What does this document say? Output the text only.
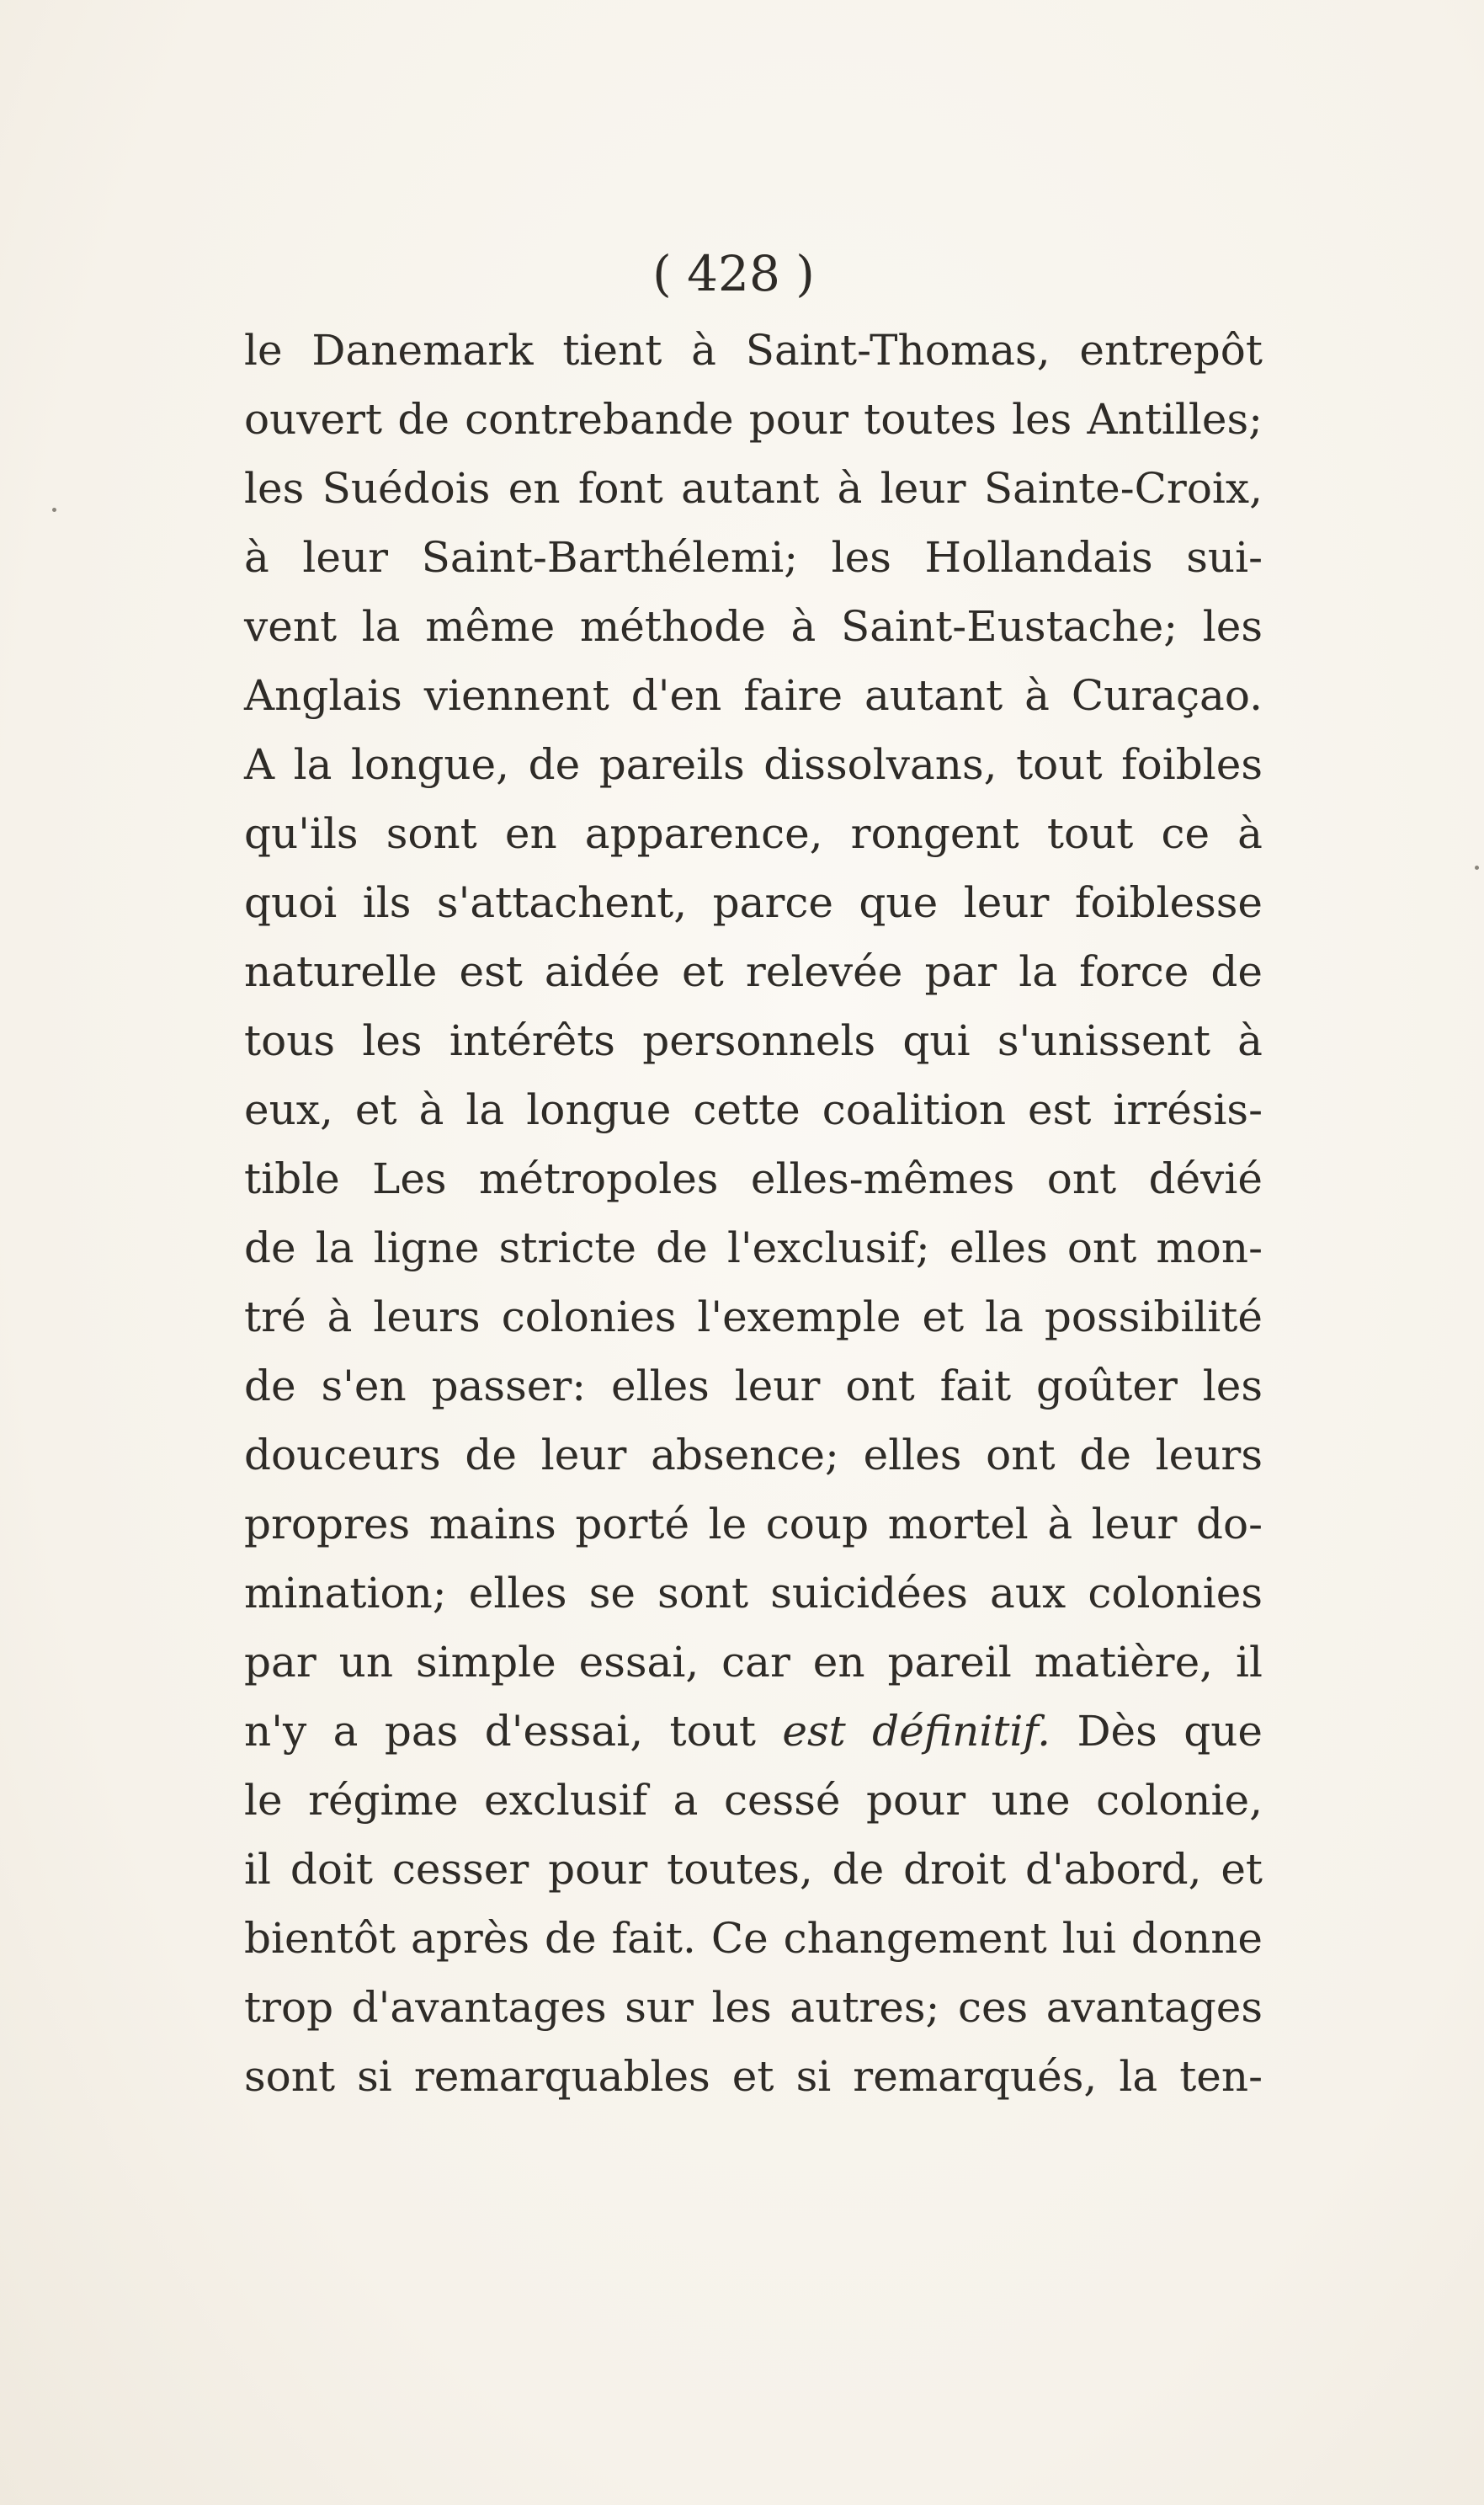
( 428 )
le Danemark tient à Saint-Thomas, entrepôt
ouvert de contrebande pour toutes les Antilles;
les Suédois en font autant à leur Sainte-Croix,
à leur Saint-Barthélemi; les Hollandais sui-
vent la même méthode à Saint-Eustache; les
Anglais viennent d'en faire autant à Curaçao.
A la longue, de pareils dissolvans, tout foibles
qu'ils sont en apparence, rongent tout ce à
quoi ils s'attachent, parce que leur foiblesse
naturelle est aidée et relevée par la force de
tous les intérêts personnels qui s'unissent à
eux, et à la longue cette coalition est irrésis-
tible Les métropoles elles-mêmes ont dévié
de la ligne stricte de l'exclusif; elles ont mon-
tré à leurs colonies l'exemple et la possibilité
de s'en passer: elles leur ont fait goûter les
douceurs de leur absence; elles ont de leurs
propres mains porté le coup mortel à leur do-
mination; elles se sont suicidées aux colonies
par un simple essai, car en pareil matière, il
n'y a pas d'essai, tout est définitif. Dès que
le régime exclusif a cessé pour une colonie,
il doit cesser pour toutes, de droit d'abord, et
bientôt après de fait. Ce changement lui donne
trop d'avantages sur les autres; ces avantages
sont si remarquables et si remarqués, la ten-
